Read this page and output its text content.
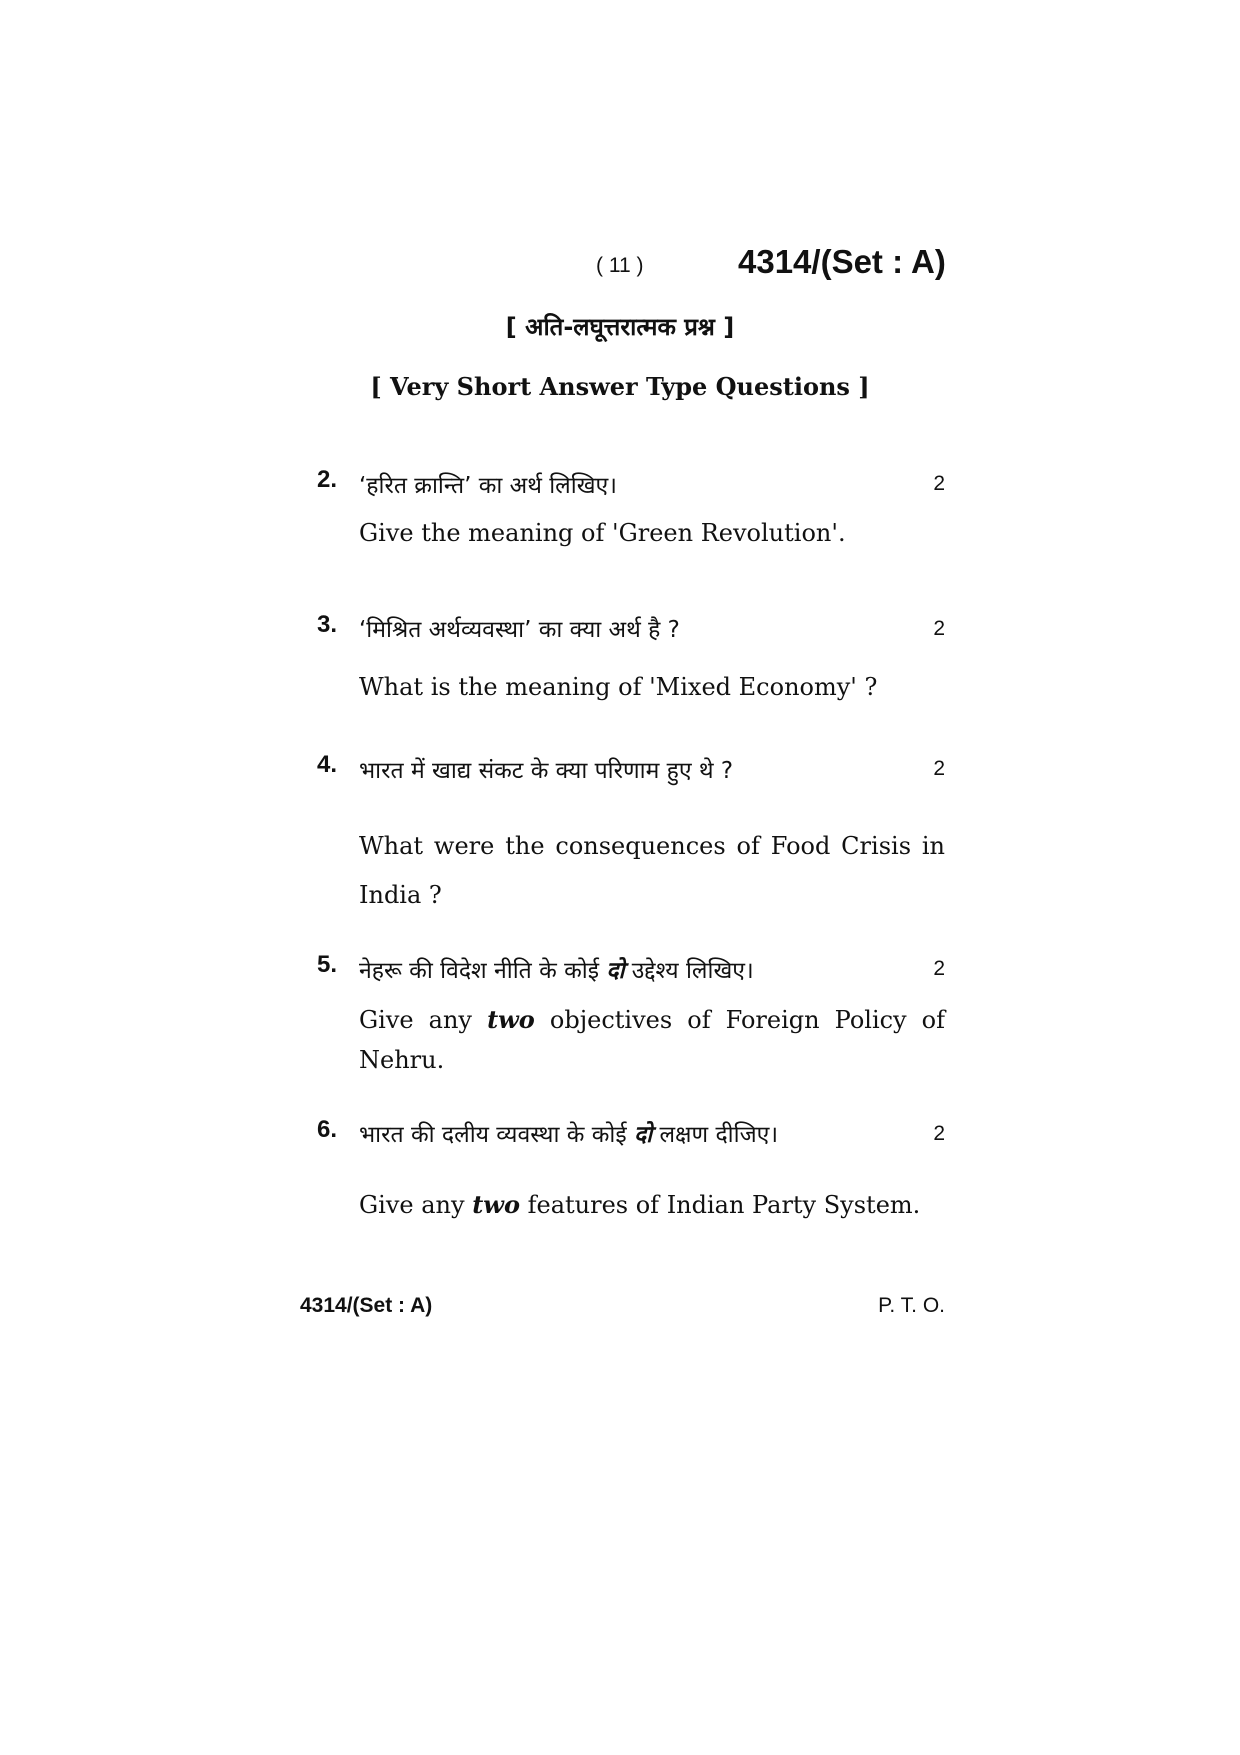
( 11 )	4314/(Set : A)
[ अति-लघूत्तरात्मक प्रश्न ]
[ Very Short Answer Type Questions ]
2. ‘हरित क्रान्ति’ का अर्थ लिखिए।	2
Give the meaning of 'Green Revolution'.
3. ‘मिश्रित अर्थव्यवस्था’ का क्या अर्थ है ?	2
What is the meaning of 'Mixed Economy' ?
4. भारत में खाद्य संकट के क्या परिणाम हुए थे ?	2
What were the consequences of Food Crisis in
India ?
5. नेहरू की विदेश नीति के कोई दो उद्देश्य लिखिए।	2
Give any two objectives of Foreign Policy of
Nehru.
6. भारत की दलीय व्यवस्था के कोई दो लक्षण दीजिए।	2
Give any two features of Indian Party System.
4314/(Set : A)	P. T. O.
